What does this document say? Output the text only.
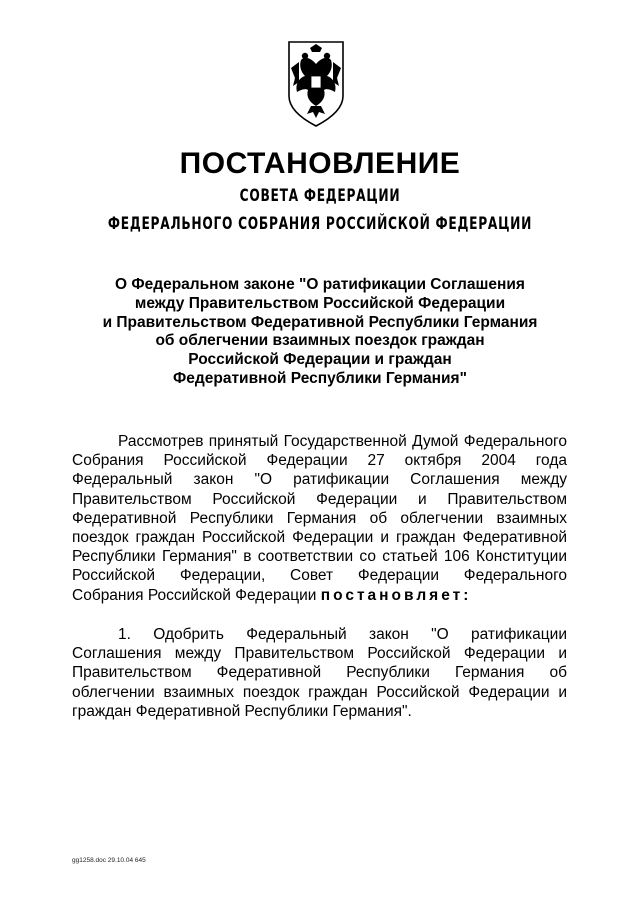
ПОСТАНОВЛЕНИЕ
СОВЕТА ФЕДЕРАЦИИ
ФЕДЕРАЛЬНОГО СОБРАНИЯ РОССИЙСКОЙ ФЕДЕРАЦИИ
О Федеральном законе "О ратификации Соглашения
между Правительством Российской Федерации
и Правительством Федеративной Республики Германия
об облегчении взаимных поездок граждан
Российской Федерации и граждан
Федеративной Республики Германия"
Рассмотрев принятый Государственной Думой Федерального
Собрания Российской Федерации 27 октября 2004 года
Федеральный закон "О ратификации Соглашения между
Правительством Российской Федерации и Правительством
Федеративной Республики Германия об облегчении взаимных
поездок граждан Российской Федерации и граждан Федеративной
Республики Германия" в соответствии со статьей 106 Конституции
Российской Федерации, Совет Федерации Федерального
Собрания Российской Федерации постановляет:
1. Одобрить Федеральный закон "О ратификации
Соглашения между Правительством Российской Федерации и
Правительством Федеративной Республики Германия об
облегчении взаимных поездок граждан Российской Федерации и
граждан Федеративной Республики Германия".
gg1258.doc 29.10.04 645
